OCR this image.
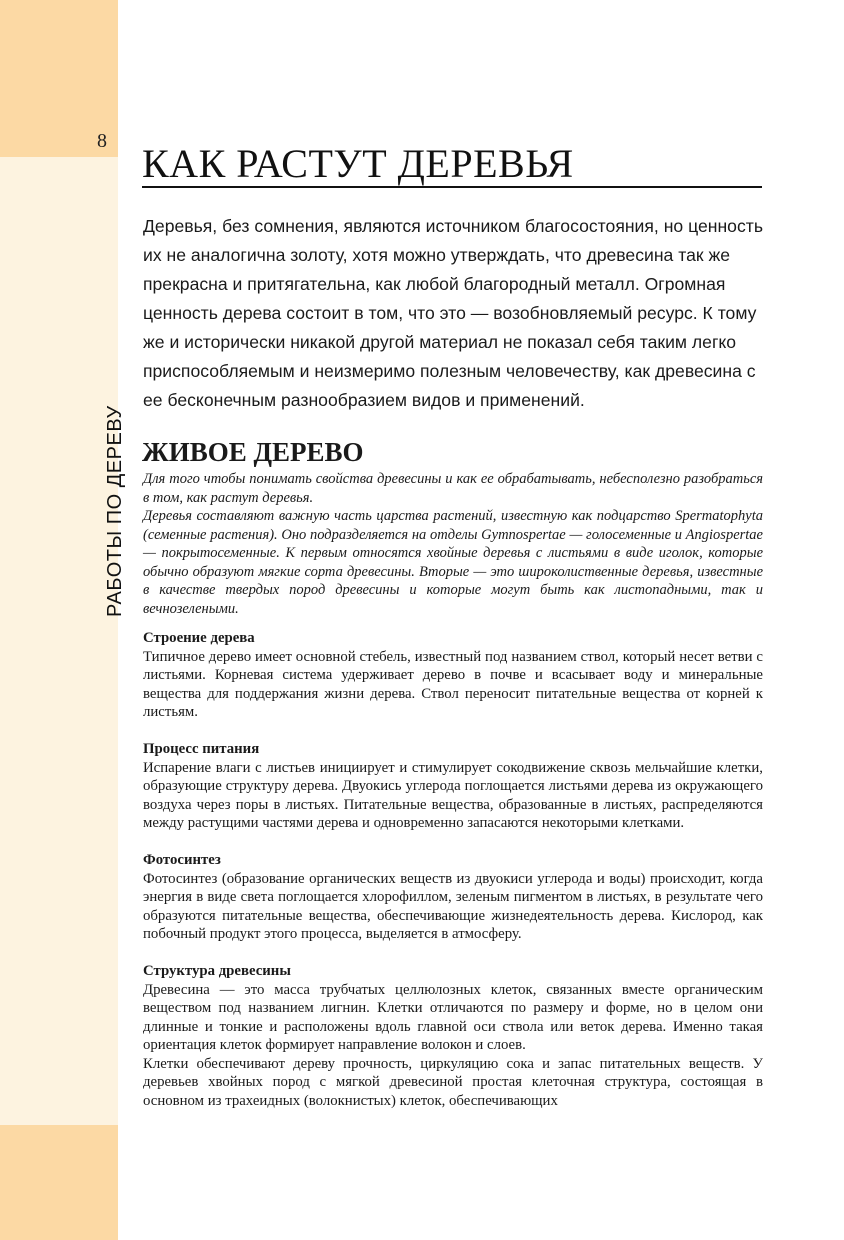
8
РАБОТЫ ПО ДЕРЕВУ
КАК РАСТУТ ДЕРЕВЬЯ
Деревья, без сомнения, являются источником благосостояния, но ценность их не аналогична золоту, хотя можно утверждать, что древесина так же прекрасна и притягательна, как любой благородный металл. Огромная ценность дерева состоит в том, что это — возобновляемый ресурс. К тому же и исторически никакой другой материал не показал себя таким легко приспособляемым и неизмеримо полезным человечеству, как древесина с ее бесконечным разнообразием видов и применений.
ЖИВОЕ ДЕРЕВО

Для того чтобы понимать свойства древесины и как ее обрабатывать, небесполезно разобраться в том, как растут деревья.

Деревья составляют важную часть царства растений, известную как подцарство Spermatophyta (семенные растения). Оно подразделяется на отделы Gymnospertae — голосеменные и Angiospertae — покрытосеменные. К первым относятся хвойные деревья с листьями в виде иголок, которые обычно образуют мягкие сорта древесины. Вторые — это широколиственные деревья, известные в качестве твердых пород древесины и которые могут быть как листопадными, так и вечнозелеными.

Строение дерева

Типичное дерево имеет основной стебель, известный под названием ствол, который несет ветви с листьями. Корневая система удерживает дерево в почве и всасывает воду и минеральные вещества для поддержания жизни дерева. Ствол переносит питательные вещества от корней к листьям.

Процесс питания

Испарение влаги с листьев инициирует и стимулирует сокодвижение сквозь мельчайшие клетки, образующие структуру дерева. Двуокись углерода поглощается листьями дерева из окружающего воздуха через поры в листьях. Питательные вещества, образованные в листьях, распределяются между растущими частями дерева и одновременно запасаются некоторыми клетками.

Фотосинтез

Фотосинтез (образование органических веществ из двуокиси углерода и воды) происходит, когда энергия в виде света поглощается хлорофиллом, зеленым пигментом в листьях, в результате чего образуются питательные вещества, обеспечивающие жизнедеятельность дерева. Кислород, как побочный продукт этого процесса, выделяется в атмосферу.

Структура древесины

Древесина — это масса трубчатых целлюлозных клеток, связанных вместе органическим веществом под названием лигнин. Клетки отличаются по размеру и форме, но в целом они длинные и тонкие и расположены вдоль главной оси ствола или веток дерева. Именно такая ориентация клеток формирует направление волокон и слоев.

Клетки обеспечивают дереву прочность, циркуляцию сока и запас питательных веществ. У деревьев хвойных пород с мягкой древесиной простая клеточная структура, состоящая в основном из трахеидных (волокнистых) клеток, обеспечивающих
